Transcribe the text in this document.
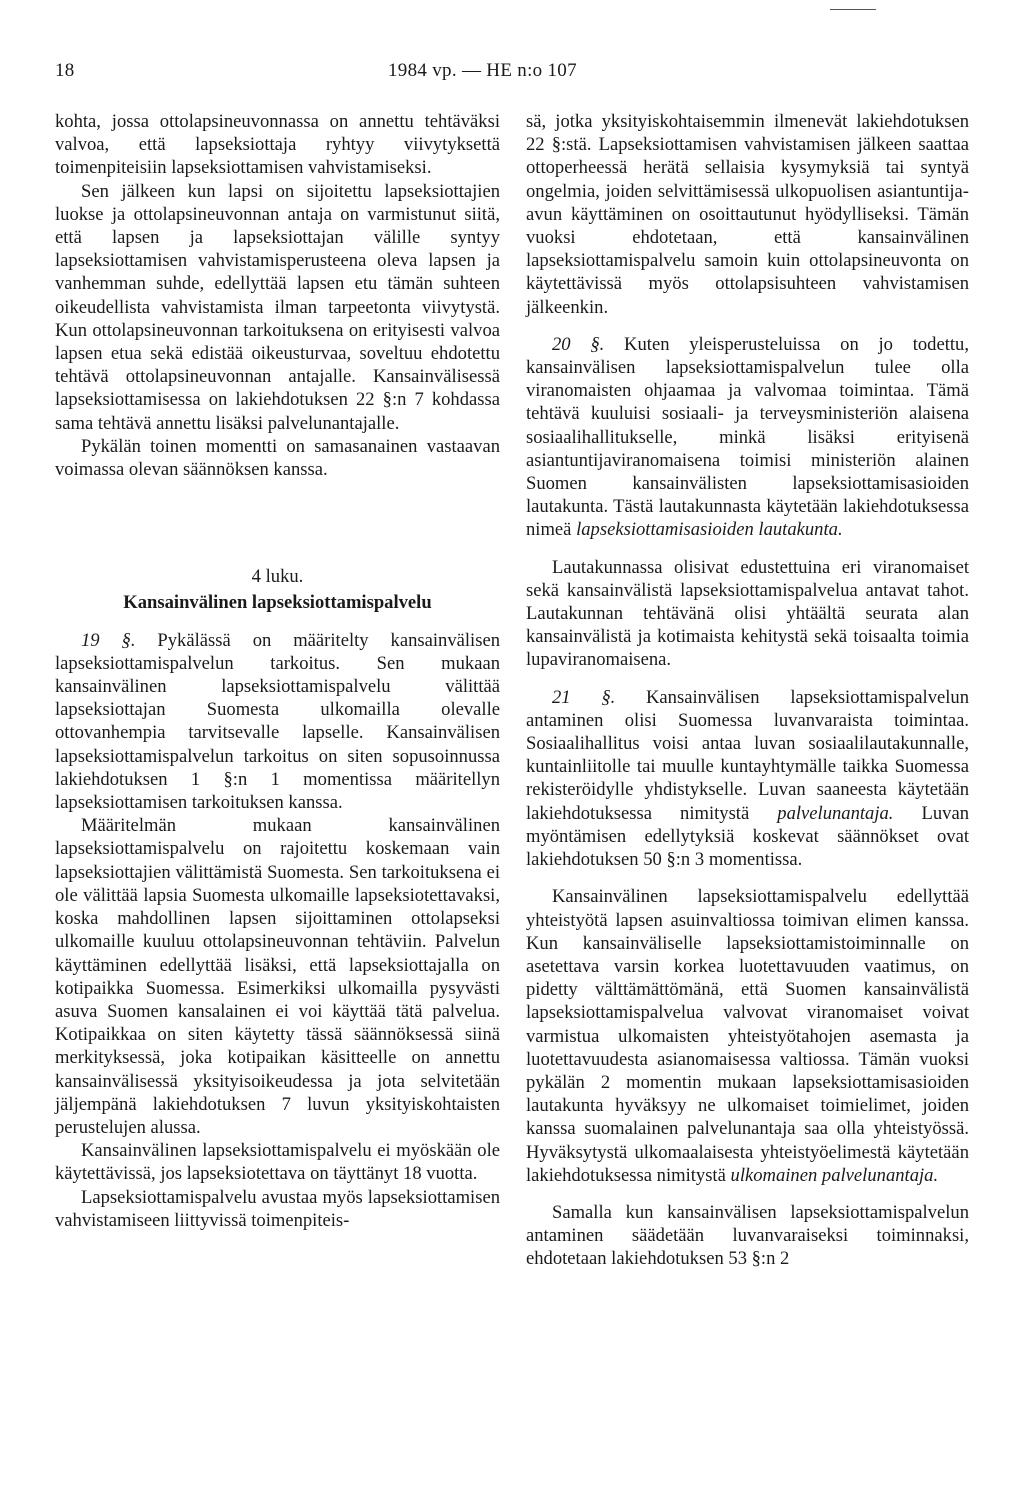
18	1984 vp. — HE n:o 107

kohta, jossa ottolapsineuvonnassa on annettu tehtäväksi valvoa, että lapseksiottaja ryhtyy viivytyksettä toimenpiteisiin lapseksiottamisen vahvistamiseksi.

Sen jälkeen kun lapsi on sijoitettu lapseksiottajien luokse ja ottolapsineuvonnan antaja on varmistunut siitä, että lapsen ja lapseksiottajan välille syntyy lapseksiottamisen vahvistamisperusteena oleva lapsen ja vanhemman suhde, edellyttää lapsen etu tämän suhteen oikeudellista vahvistamista ilman tarpeetonta viivytystä. Kun ottolapsineuvonnan tarkoituksena on erityisesti valvoa lapsen etua sekä edistää oikeusturvaa, soveltuu ehdotettu tehtävä ottolapsineuvonnan antajalle. Kansainvälisessä lapseksiottamisessa on lakiehdotuksen 22 §:n 7 kohdassa sama tehtävä annettu lisäksi palvelunantajalle.

Pykälän toinen momentti on samasanainen vastaavan voimassa olevan säännöksen kanssa.

4 luku.

Kansainvälinen lapseksiottamispalvelu

19 §. Pykälässä on määritelty kansainvälisen lapseksiottamispalvelun tarkoitus. Sen mukaan kansainvälinen lapseksiottamispalvelu välittää lapseksiottajan Suomesta ulkomailla olevalle ottovanhempia tarvitsevalle lapselle. Kansainvälisen lapseksiottamispalvelun tarkoitus on siten sopusoinnussa lakiehdotuksen 1 §:n 1 momentissa määritellyn lapseksiottamisen tarkoituksen kanssa.

Määritelmän mukaan kansainvälinen lapseksiottamispalvelu on rajoitettu koskemaan vain lapseksiottajien välittämistä Suomesta. Sen tarkoituksena ei ole välittää lapsia Suomesta ulkomaille lapseksiotettavaksi, koska mahdollinen lapsen sijoittaminen ottolapseksi ulkomaille kuuluu ottolapsineuvonnan tehtäviin. Palvelun käyttäminen edellyttää lisäksi, että lapseksiottajalla on kotipaikka Suomessa. Esimerkiksi ulkomailla pysyvästi asuva Suomen kansalainen ei voi käyttää tätä palvelua. Kotipaikkaa on siten käytetty tässä säännöksessä siinä merkityksessä, joka kotipaikan käsitteelle on annettu kansainvälisessä yksityisoikeudessa ja jota selvitetään jäljempänä lakiehdotuksen 7 luvun yksityiskohtaisten perustelujen alussa.

Kansainvälinen lapseksiottamispalvelu ei myöskään ole käytettävissä, jos lapseksiotettava on täyttänyt 18 vuotta.

Lapseksiottamispalvelu avustaa myös lapseksiottamisen vahvistamiseen liittyvissä toimenpiteis-

sä, jotka yksityiskohtaisemmin ilmenevät lakiehdotuksen 22 §:stä. Lapseksiottamisen vahvistamisen jälkeen saattaa ottoperheessä herätä sellaisia kysymyksiä tai syntyä ongelmia, joiden selvittämisessä ulkopuolisen asiantuntija-avun käyttäminen on osoittautunut hyödylliseksi. Tämän vuoksi ehdotetaan, että kansainvälinen lapseksiottamispalvelu samoin kuin ottolapsineuvonta on käytettävissä myös ottolapsisuhteen vahvistamisen jälkeenkin.

20 §. Kuten yleisperusteluissa on jo todettu, kansainvälisen lapseksiottamispalvelun tulee olla viranomaisten ohjaamaa ja valvomaa toimintaa. Tämä tehtävä kuuluisi sosiaali- ja terveysministeriön alaisena sosiaalihallitukselle, minkä lisäksi erityisenä asiantuntijaviranomaisena toimisi ministeriön alainen Suomen kansainvälisten lapseksiottamisasioiden lautakunta. Tästä lautakunnasta käytetään lakiehdotuksessa nimeä lapseksiottamisasioiden lautakunta.

Lautakunnassa olisivat edustettuina eri viranomaiset sekä kansainvälistä lapseksiottamispalvelua antavat tahot. Lautakunnan tehtävänä olisi yhtäältä seurata alan kansainvälistä ja kotimaista kehitystä sekä toisaalta toimia lupaviranomaisena.

21 §. Kansainvälisen lapseksiottamispalvelun antaminen olisi Suomessa luvanvaraista toimintaa. Sosiaalihallitus voisi antaa luvan sosiaalilautakunnalle, kuntainliitolle tai muulle kuntayhtymälle taikka Suomessa rekisteröidylle yhdistykselle. Luvan saaneesta käytetään lakiehdotuksessa nimitystä palvelunantaja. Luvan myöntämisen edellytyksiä koskevat säännökset ovat lakiehdotuksen 50 §:n 3 momentissa.

Kansainvälinen lapseksiottamispalvelu edellyttää yhteistyötä lapsen asuinvaltiossa toimivan elimen kanssa. Kun kansainväliselle lapseksiottamistoiminnalle on asetettava varsin korkea luotettavuuden vaatimus, on pidetty välttämättömänä, että Suomen kansainvälistä lapseksiottamispalvelua valvovat viranomaiset voivat varmistua ulkomaisten yhteistyötahojen asemasta ja luotettavuudesta asianomaisessa valtiossa. Tämän vuoksi pykälän 2 momentin mukaan lapseksiottamisasioiden lautakunta hyväksyy ne ulkomaiset toimielimet, joiden kanssa suomalainen palvelunantaja saa olla yhteistyössä. Hyväksytystä ulkomaalaisesta yhteistyöelimestä käytetään lakiehdotuksessa nimitystä ulkomainen palvelunantaja.

Samalla kun kansainvälisen lapseksiottamispalvelun antaminen säädetään luvanvaraiseksi toiminnaksi, ehdotetaan lakiehdotuksen 53 §:n 2
